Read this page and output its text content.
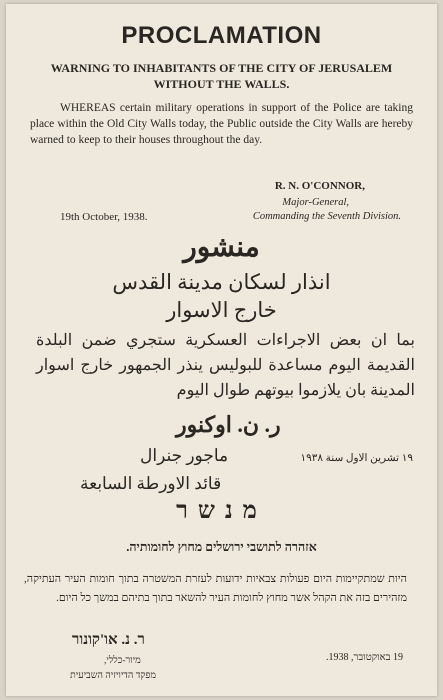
PROCLAMATION
WARNING TO INHABITANTS OF THE CITY OF JERUSALEM WITHOUT THE WALLS.
WHEREAS certain military operations in support of the Police are taking place within the Old City Walls today, the Public outside the City Walls are hereby warned to keep to their houses throughout the day.
R. N. O'CONNOR,
Major-General,
19th October, 1938.	Commanding the Seventh Division.
منشور
انذار لسكان مدينة القدس
خارج الاسوار
بما ان بعض الاجراءات العسكرية ستجري ضمن البلدة القديمة اليوم مساعدة للبوليس ينذر الجمهور خارج اسوار المدينة بان يلازموا بيوتهم طوال اليوم
ر. ن. اوكنور
١٩ تشرين الاول سنة ١٩٣٨
ماجور جنرال
قائد الاورطة السابعة
מנשר
אזהרה לתושבי ירושלים מחוץ לחומותיה.
היות שמתקיימות היום פעולות צבאיות ידועות לעזרת המשטרה בתוך חומות העיר העתיקה, מזהירים בזה את הקהל אשר מחוץ לחומות העיר להשאר בתוך בתיהם במשך כל היום.
ר. נ. או'קונור
מיור-כללי,
מפקד הדיויזיה השביעית
19 באוקטובר, 1938.
